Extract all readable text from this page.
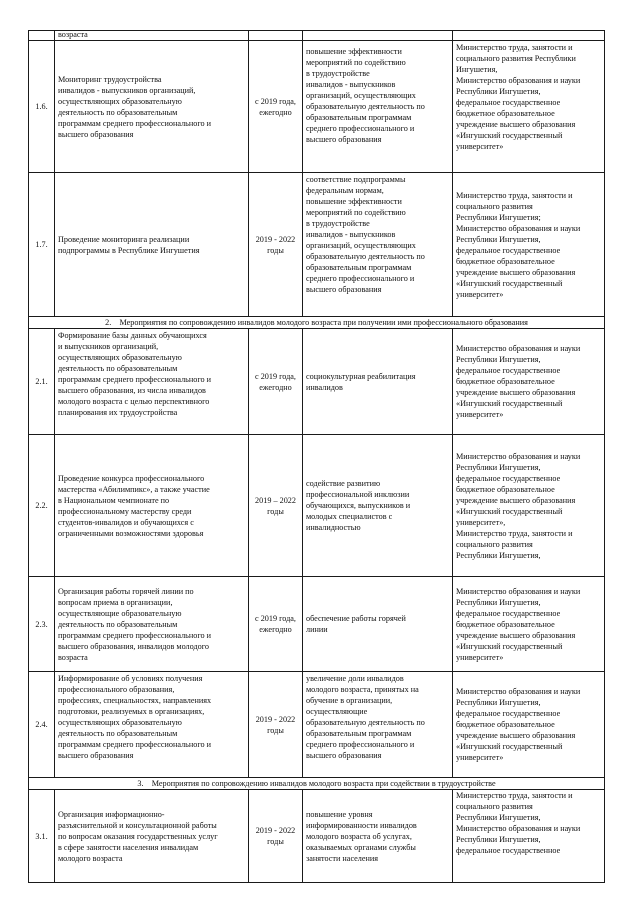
возраста
1.6.
Мониторинг трудоустройства
инвалидов - выпускников организаций,
осуществляющих образовательную
деятельность по образовательным
программам среднего профессионального и
высшего образования
с 2019 года,
ежегодно
повышение эффективности
мероприятий по содействию
в трудоустройстве
инвалидов - выпускников
организаций, осуществляющих
образовательную деятельность по
образовательным программам
среднего профессионального и
высшего образования
Министерство труда, занятости и
социального развития Республики
Ингушетия,
Министерство образования и науки
Республики Ингушетия,
федеральное государственное
бюджетное образовательное
учреждение высшего образования
«Ингушский государственный
университет»
1.7.
Проведение мониторинга реализации
подпрограммы в Республике Ингушетия
2019 - 2022
годы
соответствие подпрограммы
федеральным нормам,
повышение эффективности
мероприятий по содействию
в трудоустройстве
инвалидов - выпускников
организаций, осуществляющих
образовательную деятельность по
образовательным программам
среднего профессионального и
высшего образования
Министерство труда, занятости и
социального развития
Республики Ингушетия;
Министерство образования и науки
Республики Ингушетия,
федеральное государственное
бюджетное образовательное
учреждение высшего образования
«Ингушский государственный
университет»
2. Мероприятия по сопровождению инвалидов молодого возраста при получении ими профессионального образования
2.1.
Формирование базы данных обучающихся
и выпускников организаций,
осуществляющих образовательную
деятельность по образовательным
программам среднего профессионального и
высшего образования, из числа инвалидов
молодого возраста с целью перспективного
планирования их трудоустройства
с 2019 года,
ежегодно
социокультурная реабилитация
инвалидов
Министерство образования и науки
Республики Ингушетия,
федеральное государственное
бюджетное образовательное
учреждение высшего образования
«Ингушский государственный
университет»
2.2.
Проведение конкурса профессионального
мастерства «Абилимпикс», а также участие
в Национальном чемпионате по
профессиональному мастерству среди
студентов-инвалидов и обучающихся с
ограниченными возможностями здоровья
2019 – 2022
годы
содействие развитию
профессиональной инклюзии
обучающихся, выпускников и
молодых специалистов с
инвалидностью
Министерство образования и науки
Республики Ингушетия,
федеральное государственное
бюджетное образовательное
учреждение высшего образования
«Ингушский государственный
университет»,
Министерство труда, занятости и
социального развития
Республики Ингушетия,
2.3.
Организация работы горячей линии по
вопросам приема в организации,
осуществляющие образовательную
деятельность по образовательным
программам среднего профессионального и
высшего образования, инвалидов молодого
возраста
с 2019 года,
ежегодно
обеспечение работы горячей
линии
Министерство образования и науки
Республики Ингушетия,
федеральное государственное
бюджетное образовательное
учреждение высшего образования
«Ингушский государственный
университет»
2.4.
Информирование об условиях получения
профессионального образования,
профессиях, специальностях, направлениях
подготовки, реализуемых в организациях,
осуществляющих образовательную
деятельность по образовательным
программам среднего профессионального и
высшего образования
2019 - 2022
годы
увеличение доли инвалидов
молодого возраста, принятых на
обучение в организации,
осуществляющие
образовательную деятельность по
образовательным программам
среднего профессионального и
высшего образования
Министерство образования и науки
Республики Ингушетия,
федеральное государственное
бюджетное образовательное
учреждение высшего образования
«Ингушский государственный
университет»
3. Мероприятия по сопровождению инвалидов молодого возраста при содействии в трудоустройстве
3.1.
Организация информационно-
разъяснительной и консультационной работы
по вопросам оказания государственных услуг
в сфере занятости населения инвалидам
молодого возраста
2019 - 2022
годы
повышение уровня
информированности инвалидов
молодого возраста об услугах,
оказываемых органами службы
занятости населения
Министерство труда, занятости и
социального развития
Республики Ингушетия,
Министерство образования и науки
Республики Ингушетия,
федеральное государственное
